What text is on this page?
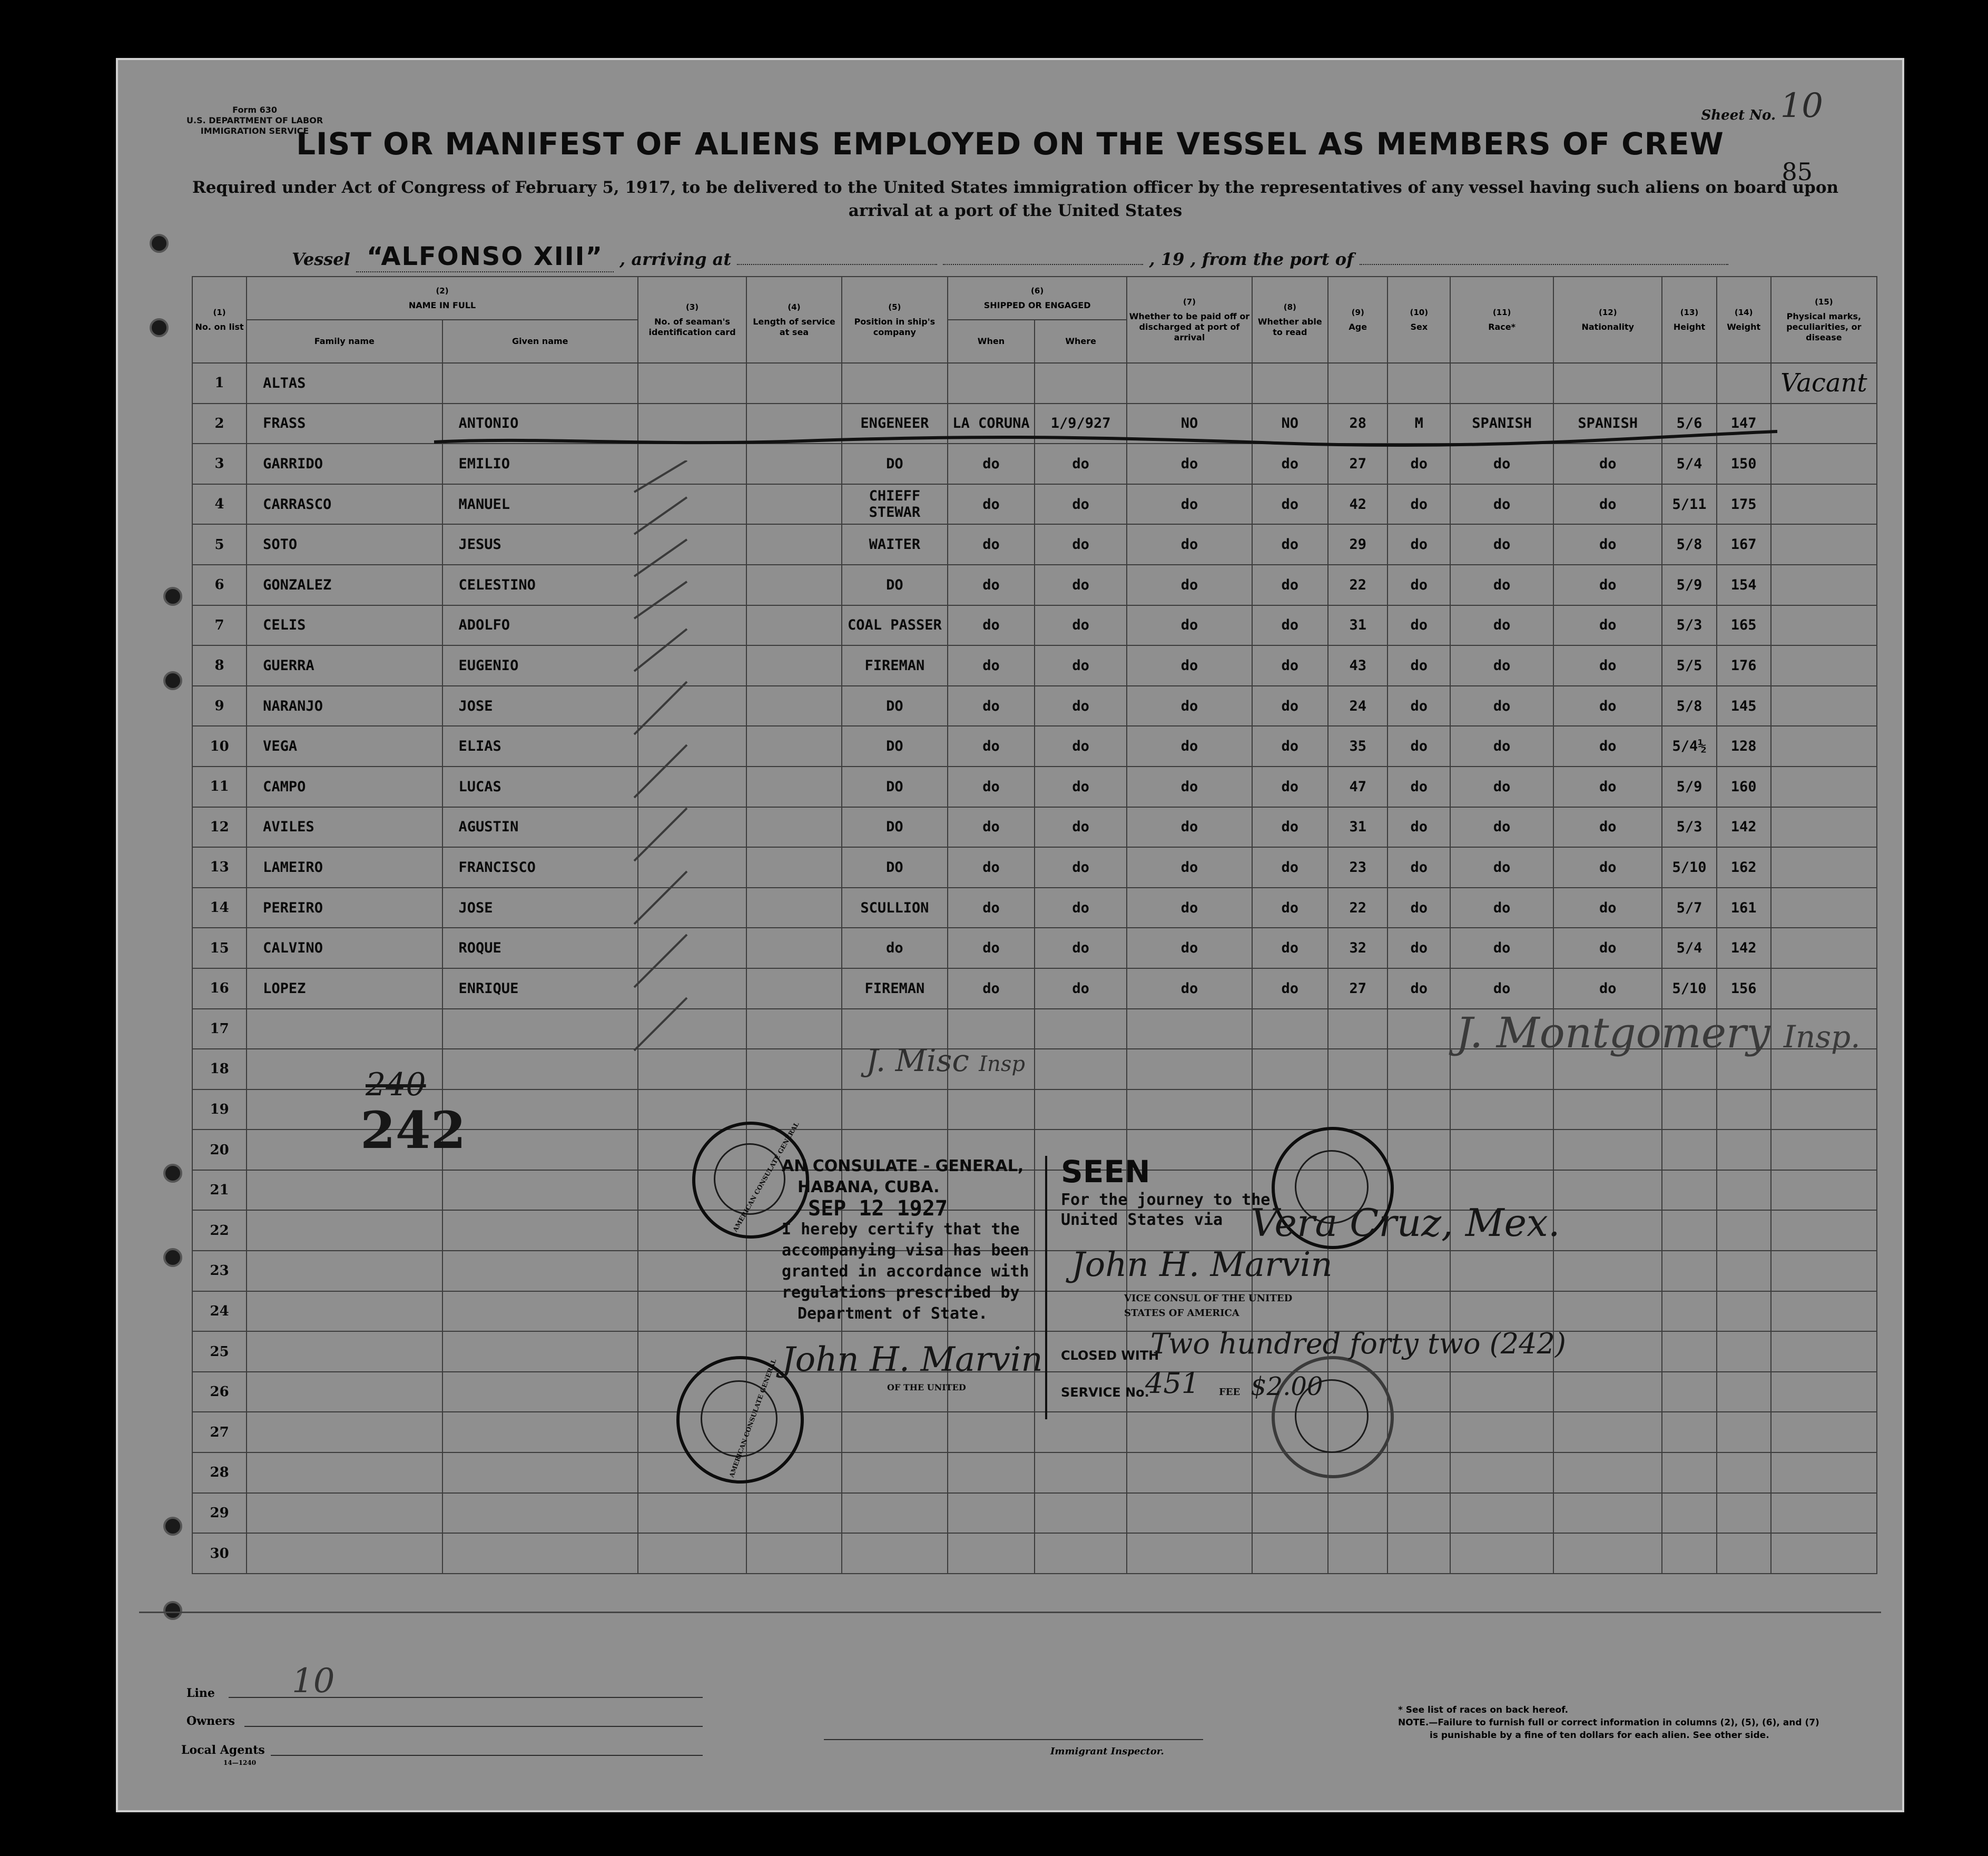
Form 630
U.S. DEPARTMENT OF LABOR
IMMIGRATION SERVICE
Sheet No. 10
85
LIST OR MANIFEST OF ALIENS EMPLOYED ON THE VESSEL AS MEMBERS OF CREW
Required under Act of Congress of February 5, 1917, to be delivered to the United States immigration officer by the representatives of any vessel having such aliens on board upon arrival at a port of the United States
Vessel “ALFONSO XIII” , arriving at	, 19 , from the port of
(1)
No. on list	(2)
NAME IN FULL		(3)
No. of seaman's identification card	(4)
Length of service at sea	(5)
Position in ship's company	(6)
SHIPPED OR ENGAGED		(7)
Whether to be paid off or discharged at port of arrival	(8)
Whether able to read	(9)
Age	(10)
Sex	(11)
Race*	(12)
Nationality	(13)
Height	(14)
Weight	(15)
Physical marks, peculiarities, or disease
	Family name	Given name				When	Where									
1	ALTAS															Vacant
2	FRASS	ANTONIO			ENGENEER	LA CORUNA	1/9/927	NO	NO	28	M	SPANISH	SPANISH	5/6	147	
3	GARRIDO	EMILIO			DO	do	do	do	do	27	do	do	do	5/4	150	
4	CARRASCO	MANUEL			CHIEFF STEWAR	do	do	do	do	42	do	do	do	5/11	175	
5	SOTO	JESUS			WAITER	do	do	do	do	29	do	do	do	5/8	167	
6	GONZALEZ	CELESTINO			DO	do	do	do	do	22	do	do	do	5/9	154	
7	CELIS	ADOLFO			COAL PASSER	do	do	do	do	31	do	do	do	5/3	165	
8	GUERRA	EUGENIO			FIREMAN	do	do	do	do	43	do	do	do	5/5	176	
9	NARANJO	JOSE			DO	do	do	do	do	24	do	do	do	5/8	145	
10	VEGA	ELIAS			DO	do	do	do	do	35	do	do	do	5/4½	128	
11	CAMPO	LUCAS			DO	do	do	do	do	47	do	do	do	5/9	160	
12	AVILES	AGUSTIN			DO	do	do	do	do	31	do	do	do	5/3	142	
13	LAMEIRO	FRANCISCO			DO	do	do	do	do	23	do	do	do	5/10	162	
14	PEREIRO	JOSE			SCULLION	do	do	do	do	22	do	do	do	5/7	161	
15	CALVINO	ROQUE			do	do	do	do	do	32	do	do	do	5/4	142	
16	LOPEZ	ENRIQUE			FIREMAN	do	do	do	do	27	do	do	do	5/10	156	
17																
18																
19																
20																
21																
22																
23																
24																
25																
26																
27																
28																
29																
30																
240
242
J. Misc Insp
J. Montgomery Insp.
AMERICAN CONSULATE GENERAL
AMERICAN CONSULATE GENERAL
AN CONSULATE - GENERAL,
HABANA, CUBA.
SEP 12 1927
I hereby certify that the
accompanying visa has been
granted in accordance with
regulations prescribed by
Department of State.
John H. Marvin
OF THE UNITED
SEEN
For the journey to the
United States via Vera Cruz, Mex.
John H. Marvin
VICE CONSUL OF THE UNITED
STATES OF AMERICA
CLOSED WITH
Two hundred forty two (242)
SERVICE No.
451 FEE $2.00
Line 10
Owners
Local Agents
14—1240
Immigrant Inspector.
* See list of races on back hereof.
NOTE.—Failure to furnish full or correct information in columns (2), (5), (6), and (7)
is punishable by a fine of ten dollars for each alien. See other side.
